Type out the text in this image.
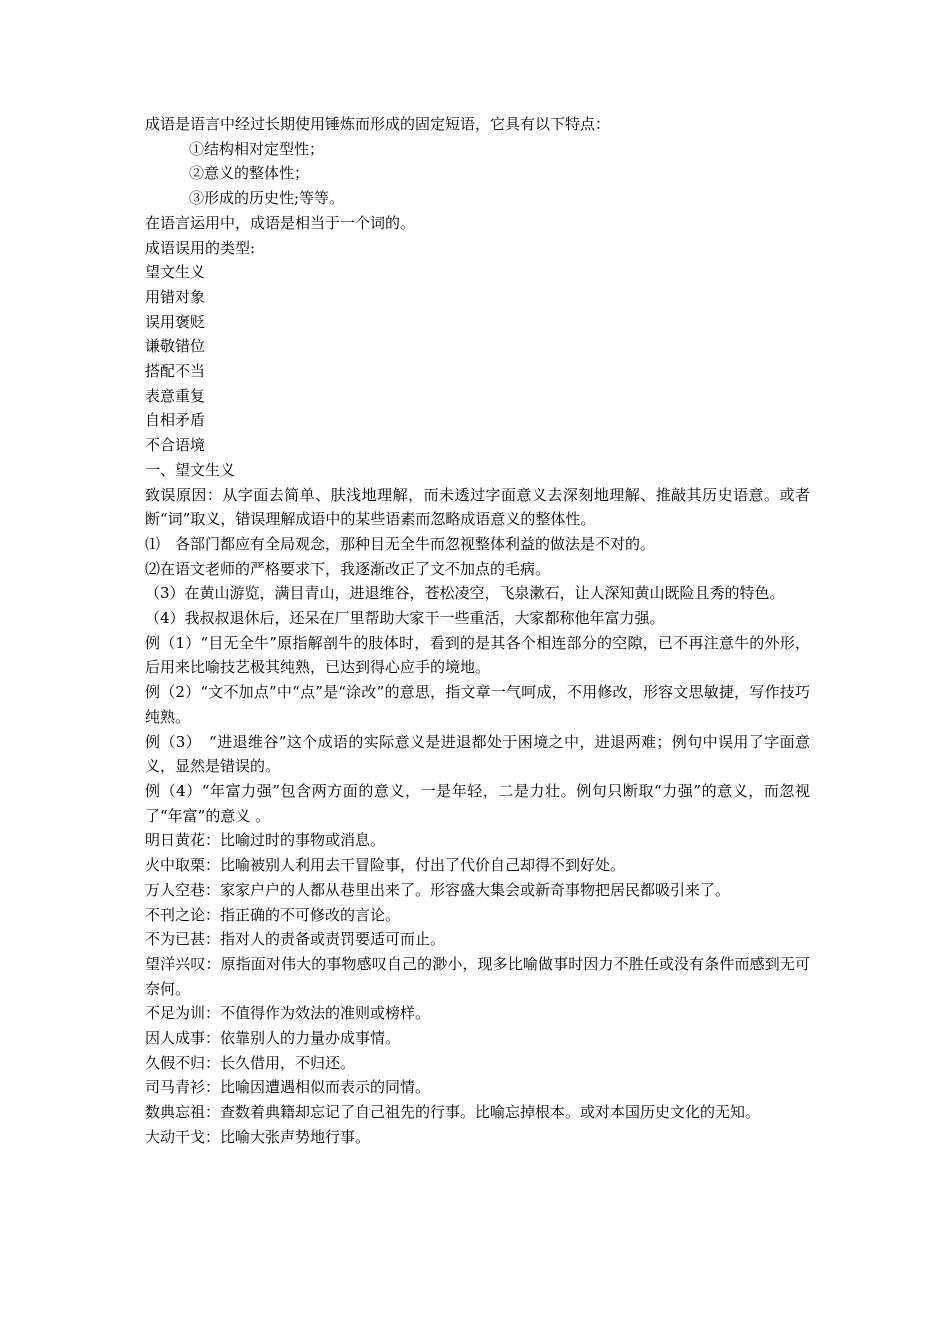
成语是语言中经过长期使用锤炼而形成的固定短语，它具有以下特点：
①结构相对定型性；
②意义的整体性；
③形成的历史性;等等。
在语言运用中，成语是相当于一个词的。
成语误用的类型:
望文生义
用错对象
误用褒贬
谦敬错位
搭配不当
表意重复
自相矛盾
不合语境
一、望文生义
致误原因：从字面去简单、肤浅地理解，而未透过字面意义去深刻地理解、推敲其历史语意。或者断“词”取义，错误理解成语中的某些语素而忽略成语意义的整体性。
⑴　各部门都应有全局观念，那种目无全牛而忽视整体利益的做法是不对的。
⑵在语文老师的严格要求下，我逐渐改正了文不加点的毛病。
（3）在黄山游览，满目青山，进退维谷，苍松凌空，飞泉漱石，让人深知黄山既险且秀的特色。
（4）我叔叔退休后，还呆在厂里帮助大家干一些重活，大家都称他年富力强。
例（1）“目无全牛”原指解剖牛的肢体时，看到的是其各个相连部分的空隙，已不再注意牛的外形，后用来比喻技艺极其纯熟，已达到得心应手的境地。
例（2）“文不加点”中“点”是“涂改”的意思，指文章一气呵成，不用修改，形容文思敏捷，写作技巧纯熟。
例（3）　“进退维谷”这个成语的实际意义是进退都处于困境之中，进退两难；例句中误用了字面意义，显然是错误的。
例（4）“年富力强”包含两方面的意义，一是年轻，二是力壮。例句只断取“力强”的意义，而忽视了“年富”的意义 。
明日黄花：比喻过时的事物或消息。
火中取栗：比喻被别人利用去干冒险事，付出了代价自己却得不到好处。
万人空巷：家家户户的人都从巷里出来了。形容盛大集会或新奇事物把居民都吸引来了。
不刊之论：指正确的不可修改的言论。
不为已甚：指对人的责备或责罚要适可而止。
望洋兴叹：原指面对伟大的事物感叹自己的渺小，现多比喻做事时因力不胜任或没有条件而感到无可奈何。
不足为训：不值得作为效法的准则或榜样。
因人成事：依靠别人的力量办成事情。
久假不归：长久借用，不归还。
司马青衫：比喻因遭遇相似而表示的同情。
数典忘祖：查数着典籍却忘记了自己祖先的行事。比喻忘掉根本。或对本国历史文化的无知。
大动干戈：比喻大张声势地行事。
